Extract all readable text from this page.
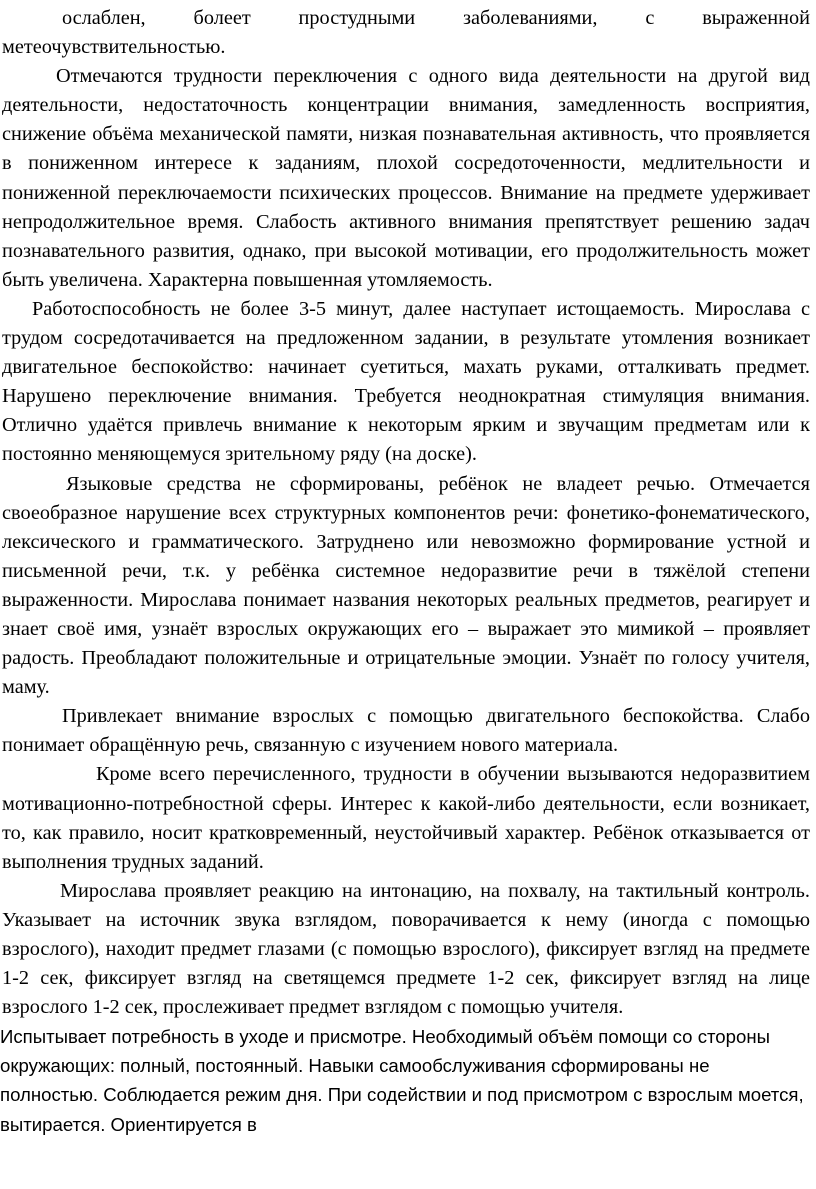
ослаблен, болеет простудными заболеваниями, с выраженной метеочувствительностью.

Отмечаются трудности переключения с одного вида деятельности на другой вид деятельности, недостаточность концентрации внимания, замедленность восприятия, снижение объёма механической памяти, низкая познавательная активность, что проявляется в пониженном интересе к заданиям, плохой сосредоточенности, медлительности и пониженной переключаемости психических процессов. Внимание на предмете удерживает непродолжительное время. Слабость активного внимания препятствует решению задач познавательного развития, однако, при высокой мотивации, его продолжительность может быть увеличена. Характерна повышенная утомляемость.

Работоспособность не более 3-5 минут, далее наступает истощаемость. Мирослава с трудом сосредотачивается на предложенном задании, в результате утомления возникает двигательное беспокойство: начинает суетиться, махать руками, отталкивать предмет. Нарушено переключение внимания. Требуется неоднократная стимуляция внимания. Отлично удаётся привлечь внимание к некоторым ярким и звучащим предметам или к постоянно меняющемуся зрительному ряду (на доске).

Языковые средства не сформированы, ребёнок не владеет речью. Отмечается своеобразное нарушение всех структурных компонентов речи: фонетико-фонематического, лексического и грамматического. Затруднено или невозможно формирование устной и письменной речи, т.к. у ребёнка системное недоразвитие речи в тяжёлой степени выраженности. Мирослава понимает названия некоторых реальных предметов, реагирует и знает своё имя, узнаёт взрослых окружающих его – выражает это мимикой – проявляет радость. Преобладают положительные и отрицательные эмоции. Узнаёт по голосу учителя, маму.

Привлекает внимание взрослых с помощью двигательного беспокойства. Слабо понимает обращённую речь, связанную с изучением нового материала.

Кроме всего перечисленного, трудности в обучении вызываются недоразвитием мотивационно-потребностной сферы. Интерес к какой-либо деятельности, если возникает, то, как правило, носит кратковременный, неустойчивый характер. Ребёнок отказывается от выполнения трудных заданий.

Мирослава проявляет реакцию на интонацию, на похвалу, на тактильный контроль. Указывает на источник звука взглядом, поворачивается к нему (иногда с помощью взрослого), находит предмет глазами (с помощью взрослого), фиксирует взгляд на предмете 1-2 сек, фиксирует взгляд на светящемся предмете 1-2 сек, фиксирует взгляд на лице взрослого 1-2 сек, прослеживает предмет взглядом с помощью учителя.

Испытывает потребность в уходе и присмотре. Необходимый объём помощи со стороны окружающих: полный, постоянный. Навыки самообслуживания сформированы не полностью. Соблюдается режим дня. При содействии и под присмотром с взрослым моется, вытирается. Ориентируется в
